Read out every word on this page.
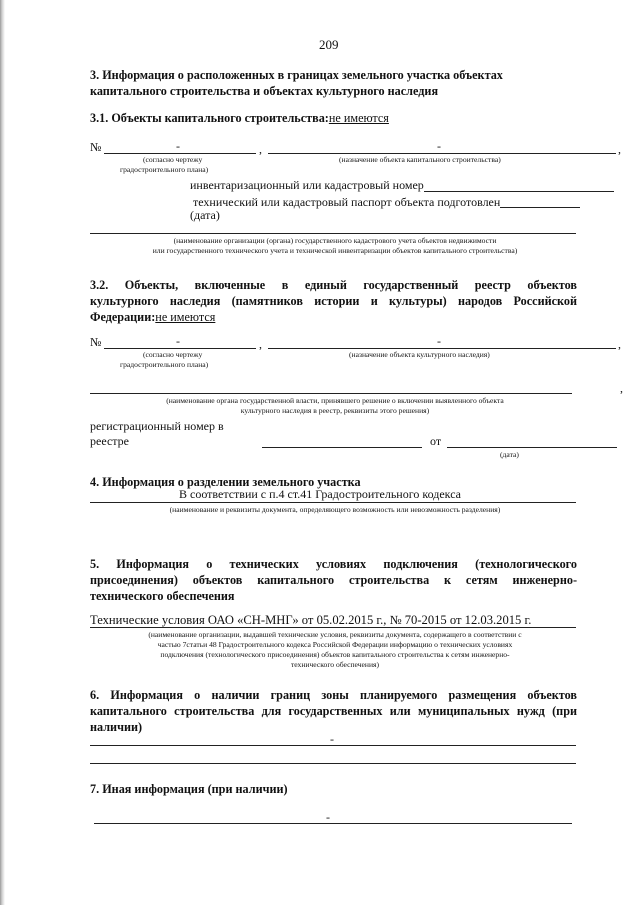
209
3. Информация о расположенных в границах земельного участка объектах
капитального строительства и объектах культурного наследия
3.1. Объекты капитального строительства:не имеются
№	-	,	-	,
(согласно чертежу
градостроительного плана)
(назначение объекта капитального строительства)
инвентаризационный или кадастровый номер
технический или кадастровый паспорт объекта подготовлен
(дата)
(наименование организации (органа) государственного кадастрового учета объектов недвижимости
или государственного технического учета и технической инвентаризации объектов капитального строительства)
3.2. Объекты, включенные в единый государственный реестр объектов
культурного наследия (памятников истории и культуры) народов Российской
Федерации:не имеются
№	-	,	-	,
(согласно чертежу
градостроительного плана)
(назначение объекта культурного наследия)
,
(наименование органа государственной власти, принявшего решение о включении выявленного объекта
культурного наследия в реестр, реквизиты этого решения)
регистрационный номер в
реестре	от
(дата)
4. Информация о разделении земельного участка
В соответствии с п.4 ст.41 Градостроительного кодекса
(наименование и реквизиты документа, определяющего возможность или невозможность разделения)
5. Информация о технических условиях подключения (технологического
присоединения) объектов капитального строительства к сетям инженерно-
технического обеспечения
Технические условия ОАО «СН-МНГ» от 05.02.2015 г., № 70-2015 от 12.03.2015 г.
(наименование организации, выдавшей технические условия, реквизиты документа, содержащего в соответствии с
частью 7статьи 48 Градостроительного кодекса Российской Федерации информацию о технических условиях
подключения (технологического присоединения) объектов капитального строительства к сетям инженерно-
технического обеспечения)
6. Информация о наличии границ зоны планируемого размещения объектов
капитального строительства для государственных или муниципальных нужд (при
наличии)
-
7. Иная информация (при наличии)
-
